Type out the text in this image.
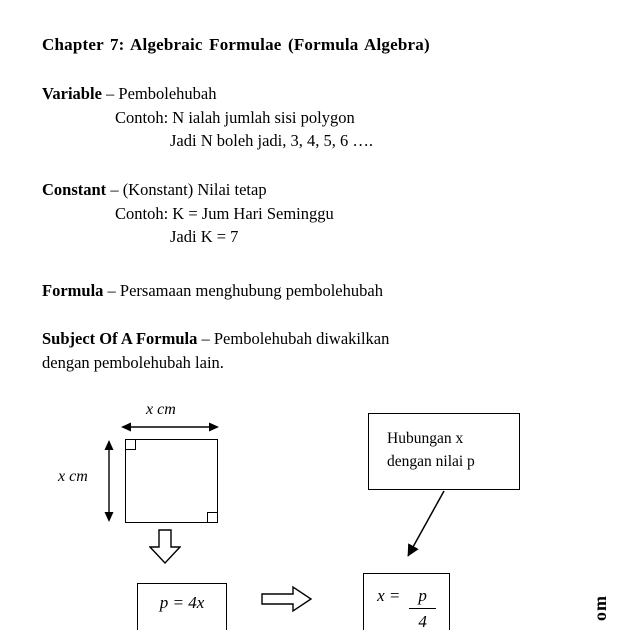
Chapter 7: Algebraic Formulae (Formula Algebra)
Variable – Pembolehubah
Contoh: N ialah jumlah sisi polygon
Jadi N boleh jadi, 3, 4, 5, 6 ….
Constant – (Konstant) Nilai tetap
Contoh: K = Jum Hari Seminggu
Jadi K = 7
Formula – Persamaan menghubung pembolehubah
Subject Of A Formula – Pembolehubah diwakilkan
dengan pembolehubah lain.
x cm
x cm
p = 4x	$x = \frac{p}{4}$
Hubungan x
dengan nilai p
om
